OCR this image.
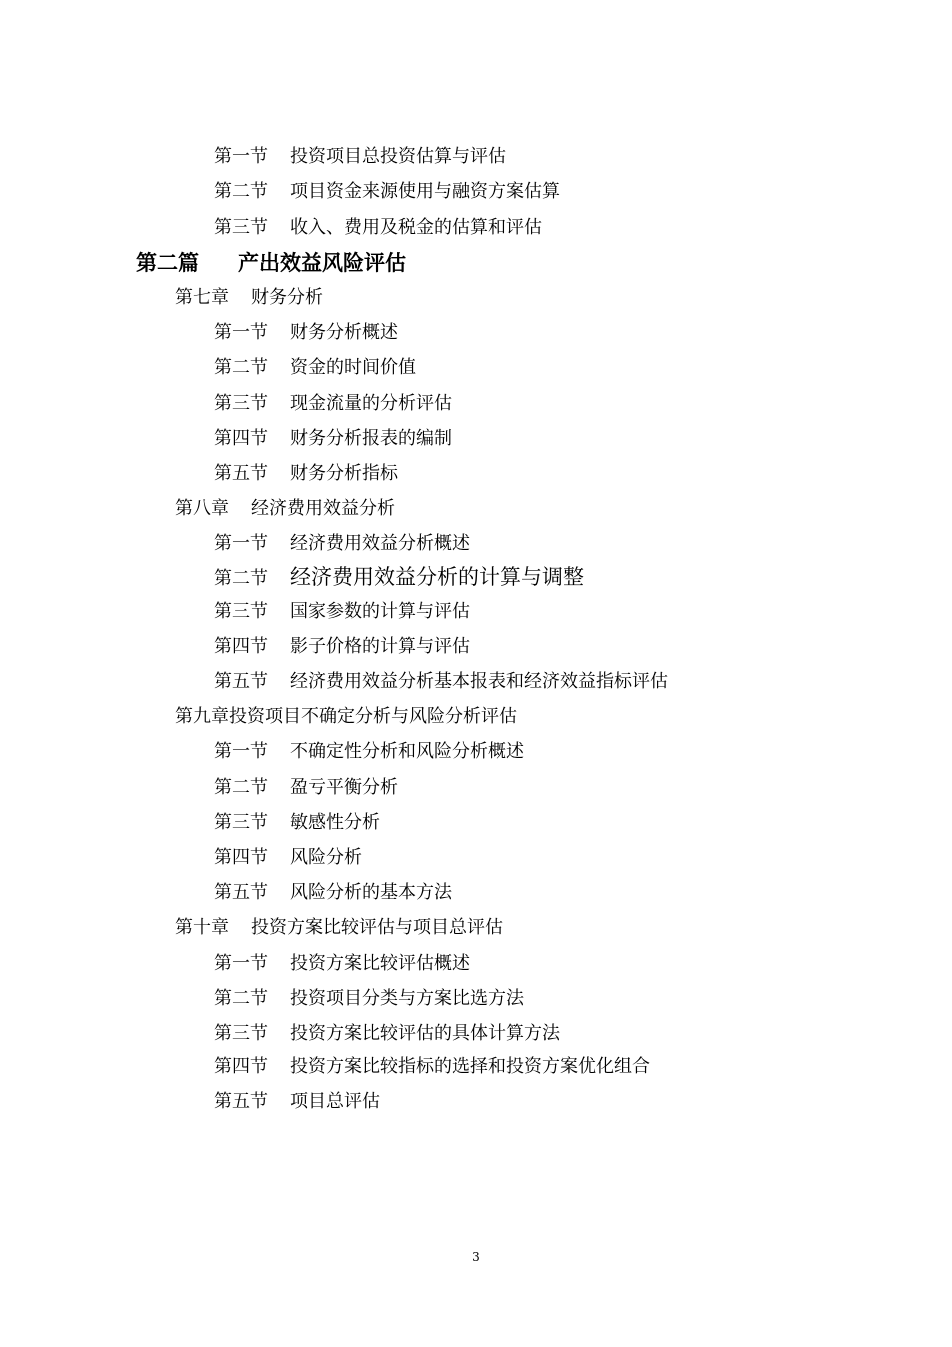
第一节 投资项目总投资估算与评估
第二节 项目资金来源使用与融资方案估算
第三节 收入、费用及税金的估算和评估
第二篇 产出效益风险评估
第七章 财务分析
第一节 财务分析概述
第二节 资金的时间价值
第三节 现金流量的分析评估
第四节 财务分析报表的编制
第五节 财务分析指标
第八章 经济费用效益分析
第一节 经济费用效益分析概述
第二节 经济费用效益分析的计算与调整
第三节 国家参数的计算与评估
第四节 影子价格的计算与评估
第五节 经济费用效益分析基本报表和经济效益指标评估
第九章投资项目不确定分析与风险分析评估
第一节 不确定性分析和风险分析概述
第二节 盈亏平衡分析
第三节 敏感性分析
第四节 风险分析
第五节 风险分析的基本方法
第十章 投资方案比较评估与项目总评估
第一节 投资方案比较评估概述
第二节 投资项目分类与方案比选方法
第三节 投资方案比较评估的具体计算方法
第四节 投资方案比较指标的选择和投资方案优化组合
第五节 项目总评估
3
